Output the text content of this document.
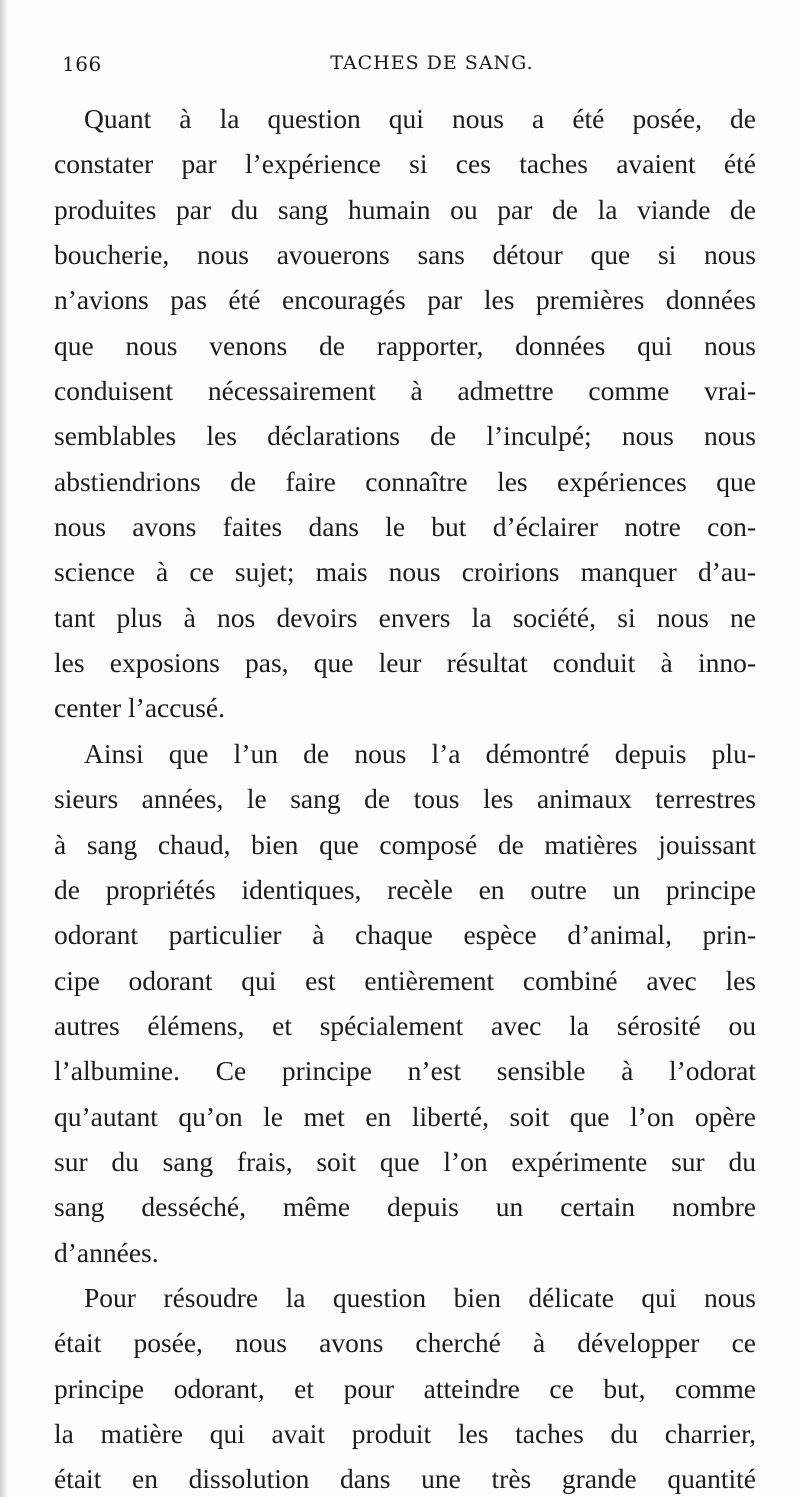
166	TACHES DE SANG.
Quant à la question qui nous a été posée, de
constater par l’expérience si ces taches avaient été
produites par du sang humain ou par de la viande de
boucherie, nous avouerons sans détour que si nous
n’avions pas été encouragés par les premières données
que nous venons de rapporter, données qui nous
conduisent nécessairement à admettre comme vrai-
semblables les déclarations de l’inculpé; nous nous
abstiendrions de faire connaître les expériences que
nous avons faites dans le but d’éclairer notre con-
science à ce sujet; mais nous croirions manquer d’au-
tant plus à nos devoirs envers la société, si nous ne
les exposions pas, que leur résultat conduit à inno-
center l’accusé.
Ainsi que l’un de nous l’a démontré depuis plu-
sieurs années, le sang de tous les animaux terrestres
à sang chaud, bien que composé de matières jouissant
de propriétés identiques, recèle en outre un principe
odorant particulier à chaque espèce d’animal, prin-
cipe odorant qui est entièrement combiné avec les
autres élémens, et spécialement avec la sérosité ou
l’albumine. Ce principe n’est sensible à l’odorat
qu’autant qu’on le met en liberté, soit que l’on opère
sur du sang frais, soit que l’on expérimente sur du
sang desséché, même depuis un certain nombre
d’années.
Pour résoudre la question bien délicate qui nous
était posée, nous avons cherché à développer ce
principe odorant, et pour atteindre ce but, comme
la matière qui avait produit les taches du charrier,
était en dissolution dans une très grande quantité
